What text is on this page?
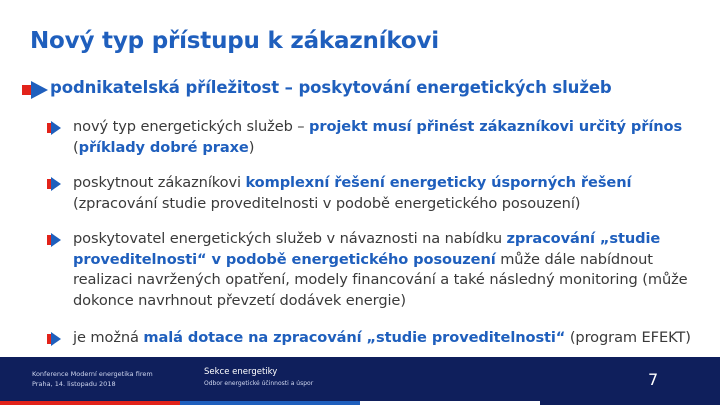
Nový typ přístupu k zákazníkovi
podnikatelská příležitost – poskytování energetických služeb
nový typ energetických služeb – projekt musí přinést zákazníkovi určitý přínos (příklady dobré praxe)
poskytnout zákazníkovi komplexní řešení energeticky úsporných řešení (zpracování studie proveditelnosti v podobě energetického posouzení)
poskytovatel energetických služeb v návaznosti na nabídku zpracování „studie proveditelnosti“ v podobě energetického posouzení může dále nabídnout realizaci navržených opatření, modely financování a také následný monitoring (může dokonce navrhnout převzetí dodávek energie)
je možná malá dotace na zpracování „studie proveditelnosti“ (program EFEKT)
Konference Moderní energetika firem
Praha, 14. listopadu 2018
Sekce energetiky
Odbor energetické účinnosti a úspor	7
